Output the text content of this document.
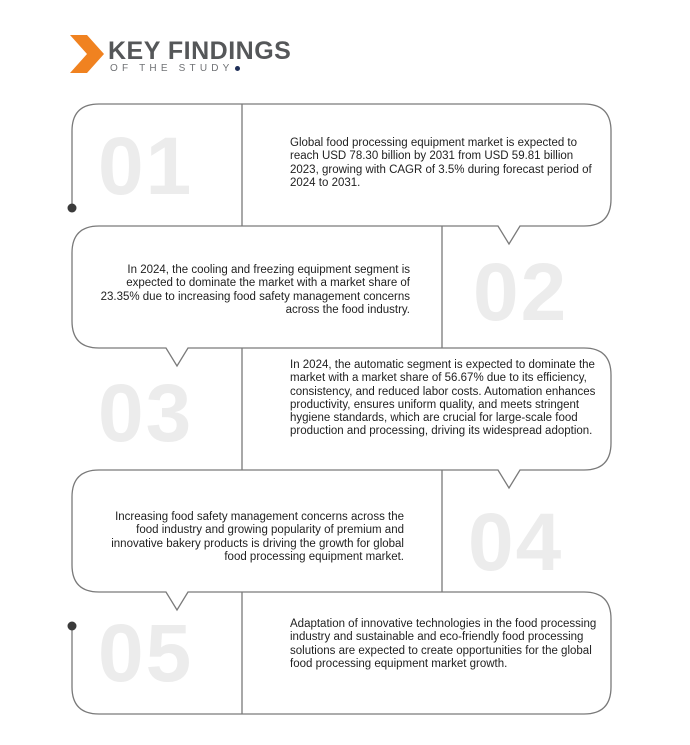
KEY FINDINGS
OF THE STUDY
01	Global food processing equipment market is expected to reach USD 78.30 billion by 2031 from USD 59.81 billion 2023, growing with CAGR of 3.5% during forecast period of 2024 to 2031.
In 2024, the cooling and freezing equipment segment is expected to dominate the market with a market share of 23.35% due to increasing food safety management concerns across the food industry. 02
03
In 2024, the automatic segment is expected to dominate the market with a market share of 56.67% due to its efficiency, consistency, and reduced labor costs. Automation enhances productivity, ensures uniform quality, and meets stringent hygiene standards, which are crucial for large-scale food production and processing, driving its widespread adoption.
Increasing food safety management concerns across the food industry and growing popularity of premium and innovative bakery products is driving the growth for global food processing equipment market. 04
05	Adaptation of innovative technologies in the food processing industry and sustainable and eco-friendly food processing solutions are expected to create opportunities for the global food processing equipment market growth.
